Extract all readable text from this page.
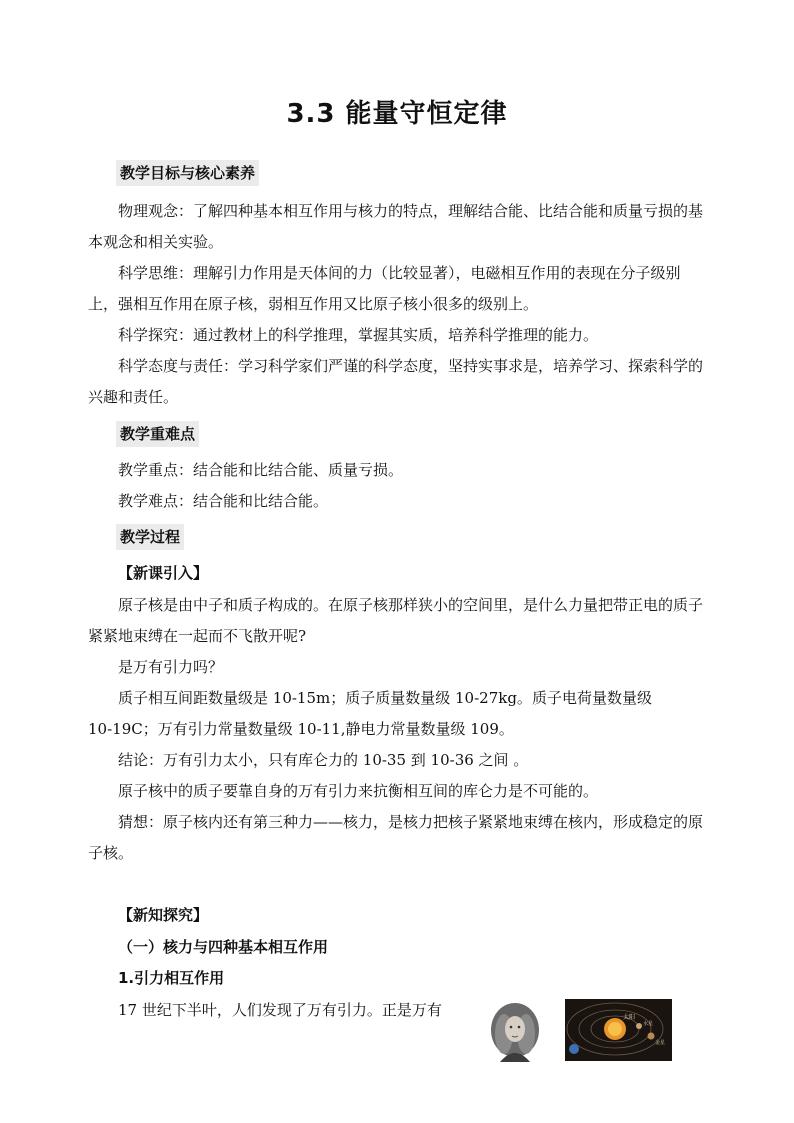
3.3 能量守恒定律
教学目标与核心素养

物理观念：了解四种基本相互作用与核力的特点，理解结合能、比结合能和质量亏损的基本观念和相关实验。

科学思维：理解引力作用是天体间的力（比较显著），电磁相互作用的表现在分子级别上，强相互作用在原子核，弱相互作用又比原子核小很多的级别上。

科学探究：通过教材上的科学推理，掌握其实质，培养科学推理的能力。

科学态度与责任：学习科学家们严谨的科学态度，坚持实事求是，培养学习、探索科学的兴趣和责任。

教学重难点

教学重点：结合能和比结合能、质量亏损。

教学难点：结合能和比结合能。

教学过程
【新课引入】

原子核是由中子和质子构成的。在原子核那样狭小的空间里，是什么力量把带正电的质子紧紧地束缚在一起而不飞散开呢?

是万有引力吗？

质子相互间距数量级是 10-15m；质子质量数量级 10-27kg。质子电荷量数量级
10-19C；万有引力常量数量级 10-11,静电力常量数量级 109。

结论：万有引力太小，只有库仑力的 10-35 到 10-36 之间 。

原子核中的质子要靠自身的万有引力来抗衡相互间的库仑力是不可能的。

猜想：原子核内还有第三种力——核力，是核力把核子紧紧地束缚在核内，形成稳定的原子核。

【新知探究】
（一）核力与四种基本相互作用
1.引力相互作用
17 世纪下半叶，人们发现了万有引力。正是万有	太阳
水星
金星
